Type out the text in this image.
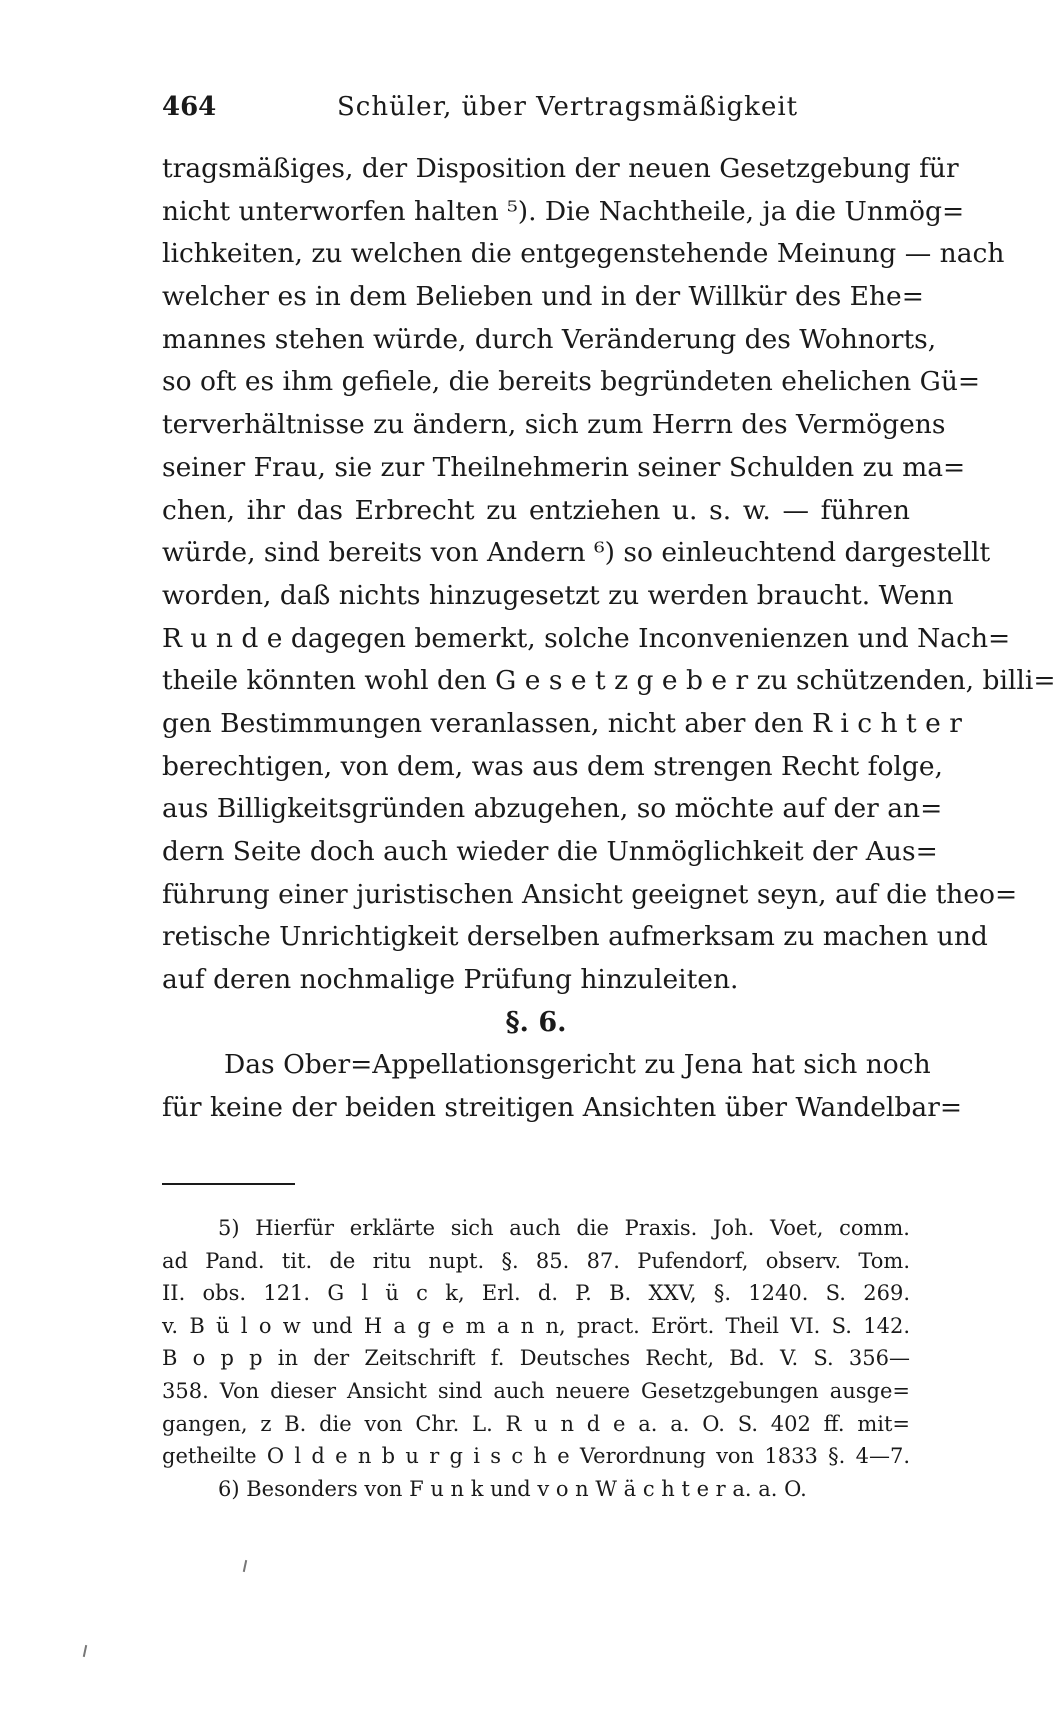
464	Schüler, über Vertragsmäßigkeit
tragsmäßiges, der Disposition der neuen Gesetzgebung für
nicht unterworfen halten ⁵). Die Nachtheile, ja die Unmög=
lichkeiten, zu welchen die entgegenstehende Meinung — nach
welcher es in dem Belieben und in der Willkür des Ehe=
mannes stehen würde, durch Veränderung des Wohnorts,
so oft es ihm gefiele, die bereits begründeten ehelichen Gü=
terverhältnisse zu ändern, sich zum Herrn des Vermögens
seiner Frau, sie zur Theilnehmerin seiner Schulden zu ma=
chen, ihr das Erbrecht zu entziehen u. s. w. — führen
würde, sind bereits von Andern ⁶) so einleuchtend dargestellt
worden, daß nichts hinzugesetzt zu werden braucht. Wenn
R u n d e dagegen bemerkt, solche Inconvenienzen und Nach=
theile könnten wohl den G e s e t z g e b e r zu schützenden, billi=
gen Bestimmungen veranlassen, nicht aber den R i c h t e r
berechtigen, von dem, was aus dem strengen Recht folge,
aus Billigkeitsgründen abzugehen, so möchte auf der an=
dern Seite doch auch wieder die Unmöglichkeit der Aus=
führung einer juristischen Ansicht geeignet seyn, auf die theo=
retische Unrichtigkeit derselben aufmerksam zu machen und
auf deren nochmalige Prüfung hinzuleiten.
§. 6.
Das Ober=Appellationsgericht zu Jena hat sich noch
für keine der beiden streitigen Ansichten über Wandelbar=
5) Hierfür erklärte sich auch die Praxis. Joh. Voet, comm.
ad Pand. tit. de ritu nupt. §. 85. 87. Pufendorf, observ. Tom.
II. obs. 121. G l ü c k, Erl. d. P. B. XXV, §. 1240. S. 269.
v. B ü l o w und H a g e m a n n, pract. Erört. Theil VI. S. 142.
B o p p in der Zeitschrift f. Deutsches Recht, Bd. V. S. 356—
358. Von dieser Ansicht sind auch neuere Gesetzgebungen ausge=
gangen, z B. die von Chr. L. R u n d e a. a. O. S. 402 ff. mit=
getheilte O l d e n b u r g i s c h e Verordnung von 1833 §. 4—7.
6) Besonders von F u n k und v o n W ä c h t e r a. a. O.
